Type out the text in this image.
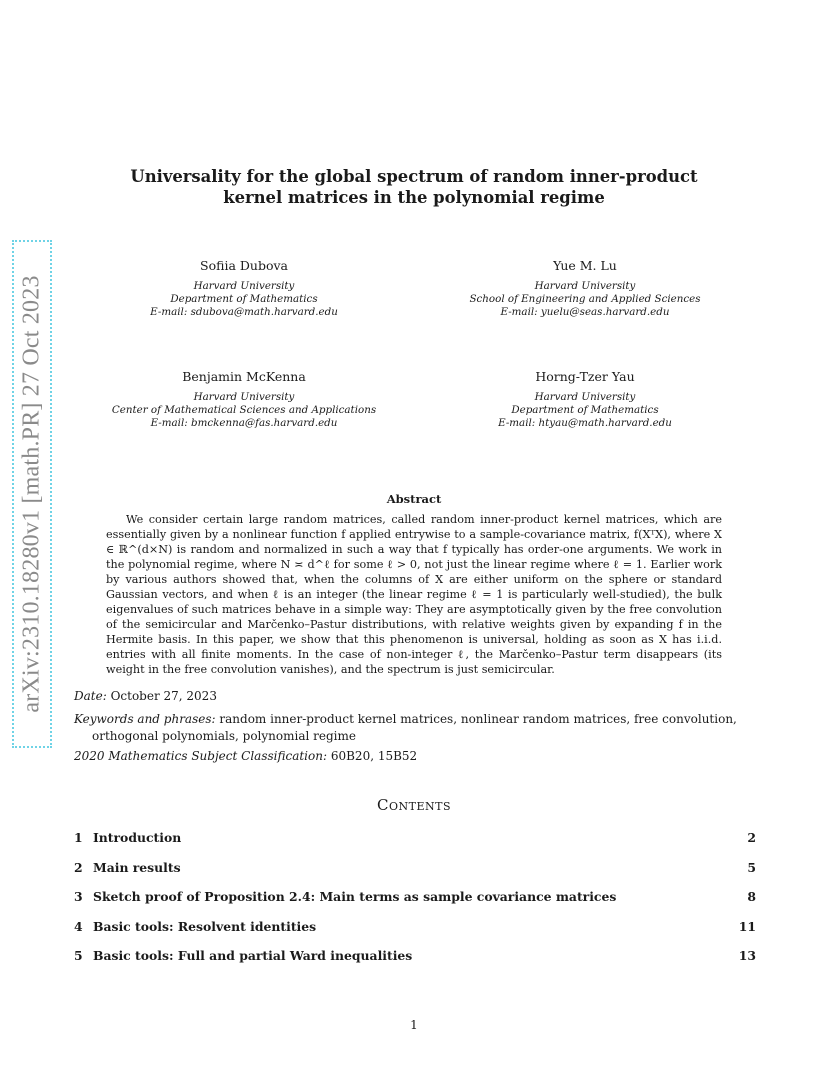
arXiv:2310.18280v1 [math.PR] 27 Oct 2023
Universality for the global spectrum of random inner-product
kernel matrices in the polynomial regime
Sofiia Dubova
Harvard University
Department of Mathematics
E-mail: sdubova@math.harvard.edu
Yue M. Lu
Harvard University
School of Engineering and Applied Sciences
E-mail: yuelu@seas.harvard.edu
Benjamin McKenna
Harvard University
Center of Mathematical Sciences and Applications
E-mail: bmckenna@fas.harvard.edu
Horng-Tzer Yau
Harvard University
Department of Mathematics
E-mail: htyau@math.harvard.edu
Abstract
We consider certain large random matrices, called random inner-product kernel matrices, which are essentially given by a nonlinear function f applied entrywise to a sample-covariance matrix, f(XᵀX), where X ∈ ℝ^(d×N) is random and normalized in such a way that f typically has order-one arguments. We work in the polynomial regime, where N ≍ d^ℓ for some ℓ > 0, not just the linear regime where ℓ = 1. Earlier work by various authors showed that, when the columns of X are either uniform on the sphere or standard Gaussian vectors, and when ℓ is an integer (the linear regime ℓ = 1 is particularly well-studied), the bulk eigenvalues of such matrices behave in a simple way: They are asymptotically given by the free convolution of the semicircular and Marčenko–Pastur distributions, with relative weights given by expanding f in the Hermite basis. In this paper, we show that this phenomenon is universal, holding as soon as X has i.i.d. entries with all finite moments. In the case of non-integer ℓ, the Marčenko–Pastur term disappears (its weight in the free convolution vanishes), and the spectrum is just semicircular.
Date: October 27, 2023
Keywords and phrases: random inner-product kernel matrices, nonlinear random matrices, free convolution, orthogonal polynomials, polynomial regime
2020 Mathematics Subject Classification: 60B20, 15B52
Contents
1 Introduction	2
2 Main results	5
3 Sketch proof of Proposition 2.4: Main terms as sample covariance matrices	8
4 Basic tools: Resolvent identities	11
5 Basic tools: Full and partial Ward inequalities	13
1
